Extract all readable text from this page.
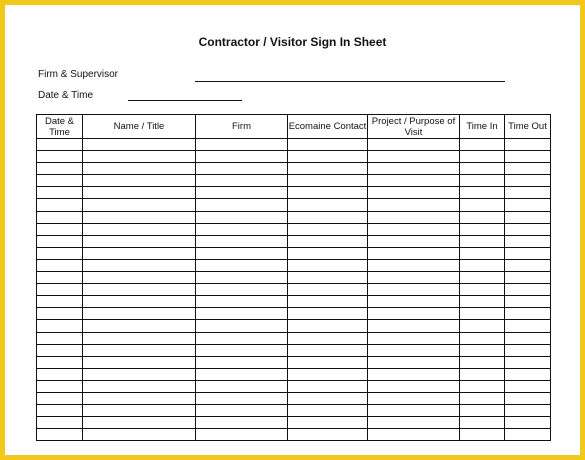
Contractor / Visitor Sign In Sheet
Firm & Supervisor
Date & Time
Date & Time	Name / Title	Firm	Ecomaine Contact	Project / Purpose of Visit	Time In	Time Out
